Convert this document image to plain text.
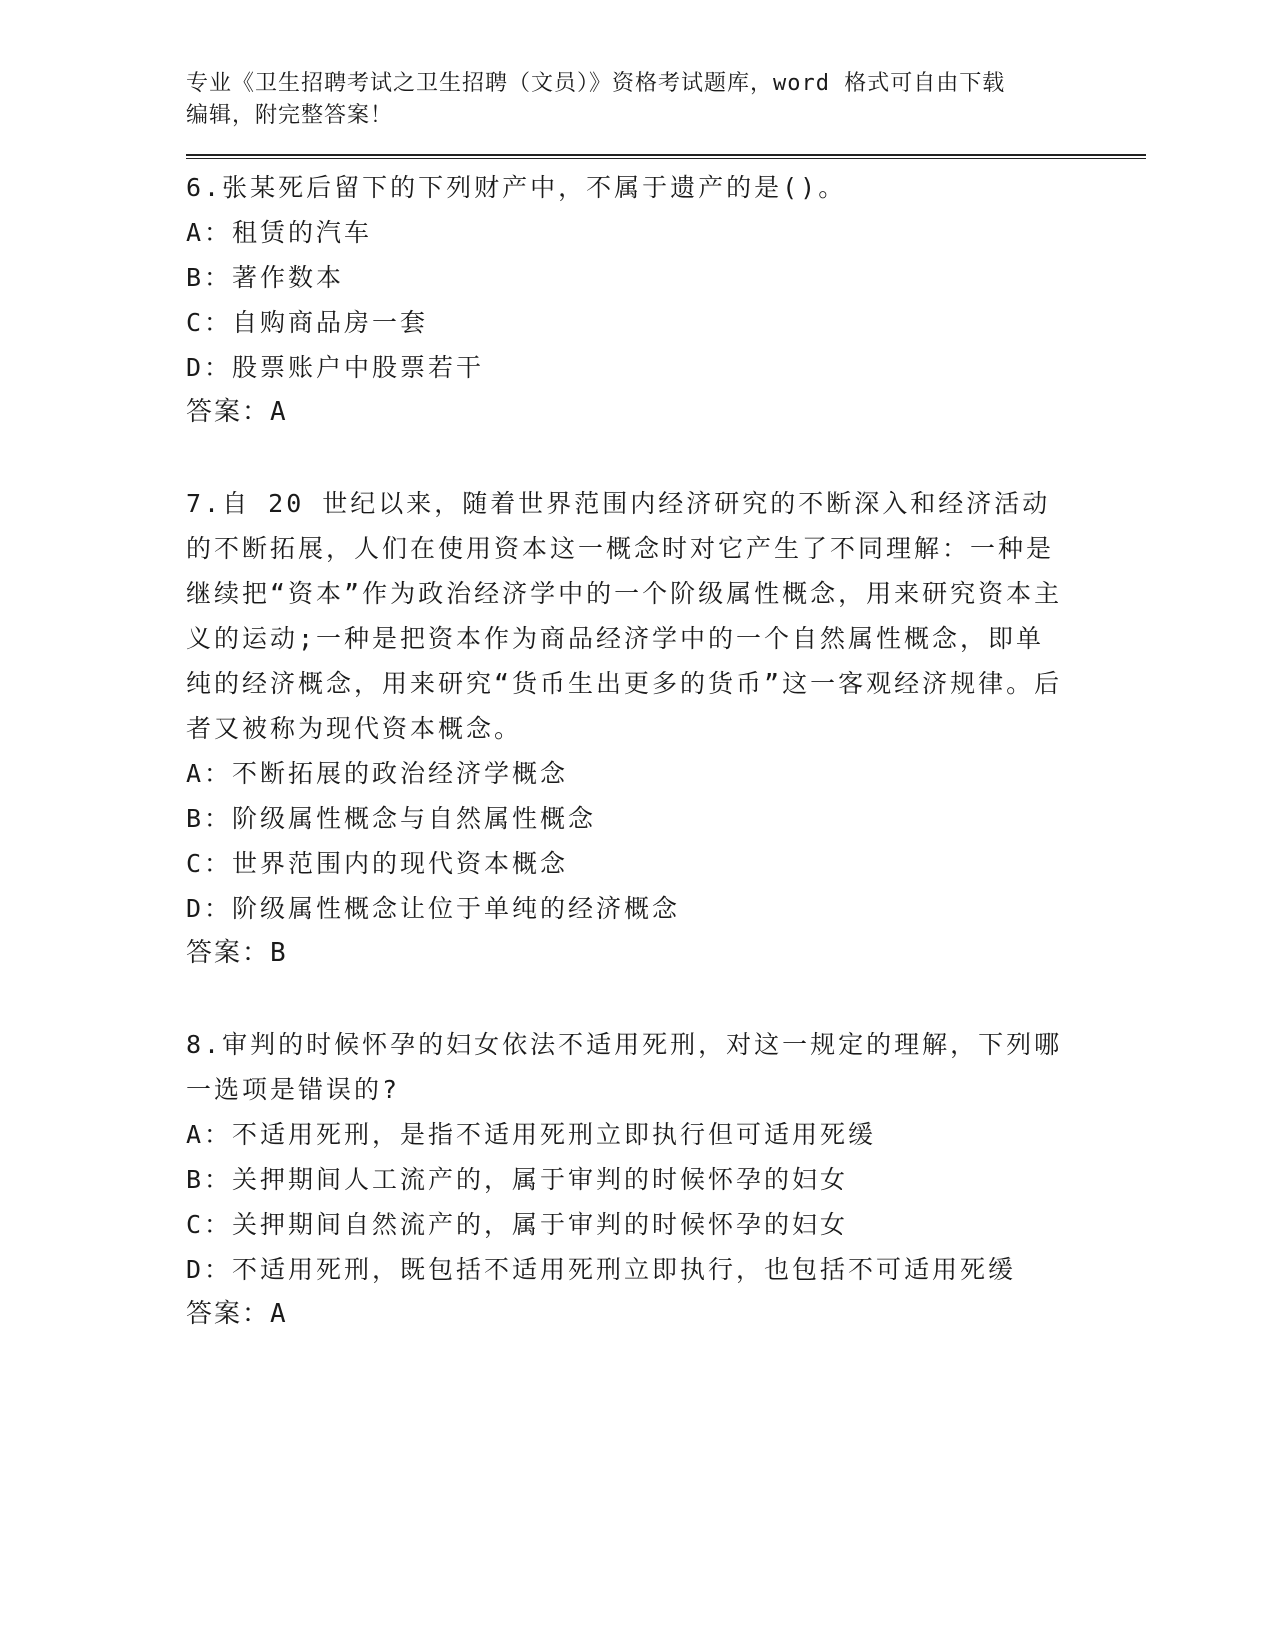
专业《卫生招聘考试之卫生招聘（文员）》资格考试题库，word 格式可自由下载
编辑，附完整答案！
6.张某死后留下的下列财产中，不属于遗产的是()。
A：租赁的汽车
B：著作数本
C：自购商品房一套
D：股票账户中股票若干
答案：A
7.自 20 世纪以来，随着世界范围内经济研究的不断深入和经济活动的不断拓展，人们在使用资本这一概念时对它产生了不同理解：一种是继续把“资本”作为政治经济学中的一个阶级属性概念，用来研究资本主义的运动;一种是把资本作为商品经济学中的一个自然属性概念，即单纯的经济概念，用来研究“货币生出更多的货币”这一客观经济规律。后者又被称为现代资本概念。
A：不断拓展的政治经济学概念
B：阶级属性概念与自然属性概念
C：世界范围内的现代资本概念
D：阶级属性概念让位于单纯的经济概念
答案：B
8.审判的时候怀孕的妇女依法不适用死刑，对这一规定的理解，下列哪一选项是错误的?
A：不适用死刑，是指不适用死刑立即执行但可适用死缓
B：关押期间人工流产的，属于审判的时候怀孕的妇女
C：关押期间自然流产的，属于审判的时候怀孕的妇女
D：不适用死刑，既包括不适用死刑立即执行，也包括不可适用死缓
答案：A
